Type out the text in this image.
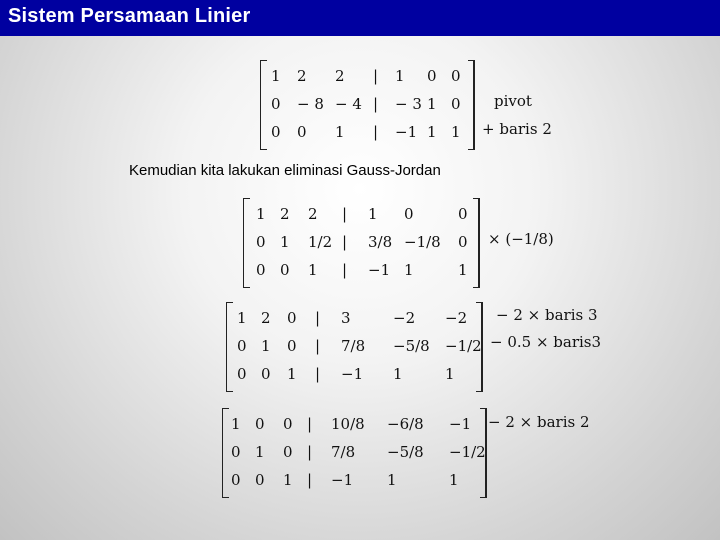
Sistem Persamaan Linier
1 2 2 | 1 0 0
0 − 8 − 4 | − 3 1 0
0 0 1 | −1 1 1
pivot
+ baris 2
Kemudian kita lakukan eliminasi Gauss-Jordan
1 2 2 | 1 0	0
0 1 1/2 | 3/8 −1/8 0
0 0 1 | −1 1	1
× (−1/8)
1 2 0 | 3	−2 −2
0 1 0 | 7/8 −5/8 −1/2
0 0 1 | −1 1	1
− 2 × baris 3
− 0.5 × baris3
1 0 0 | 10/8 −6/8 −1
0 1 0 | 7/8 −5/8 −1/2
0 0 1 | −1 1	1
− 2 × baris 2
